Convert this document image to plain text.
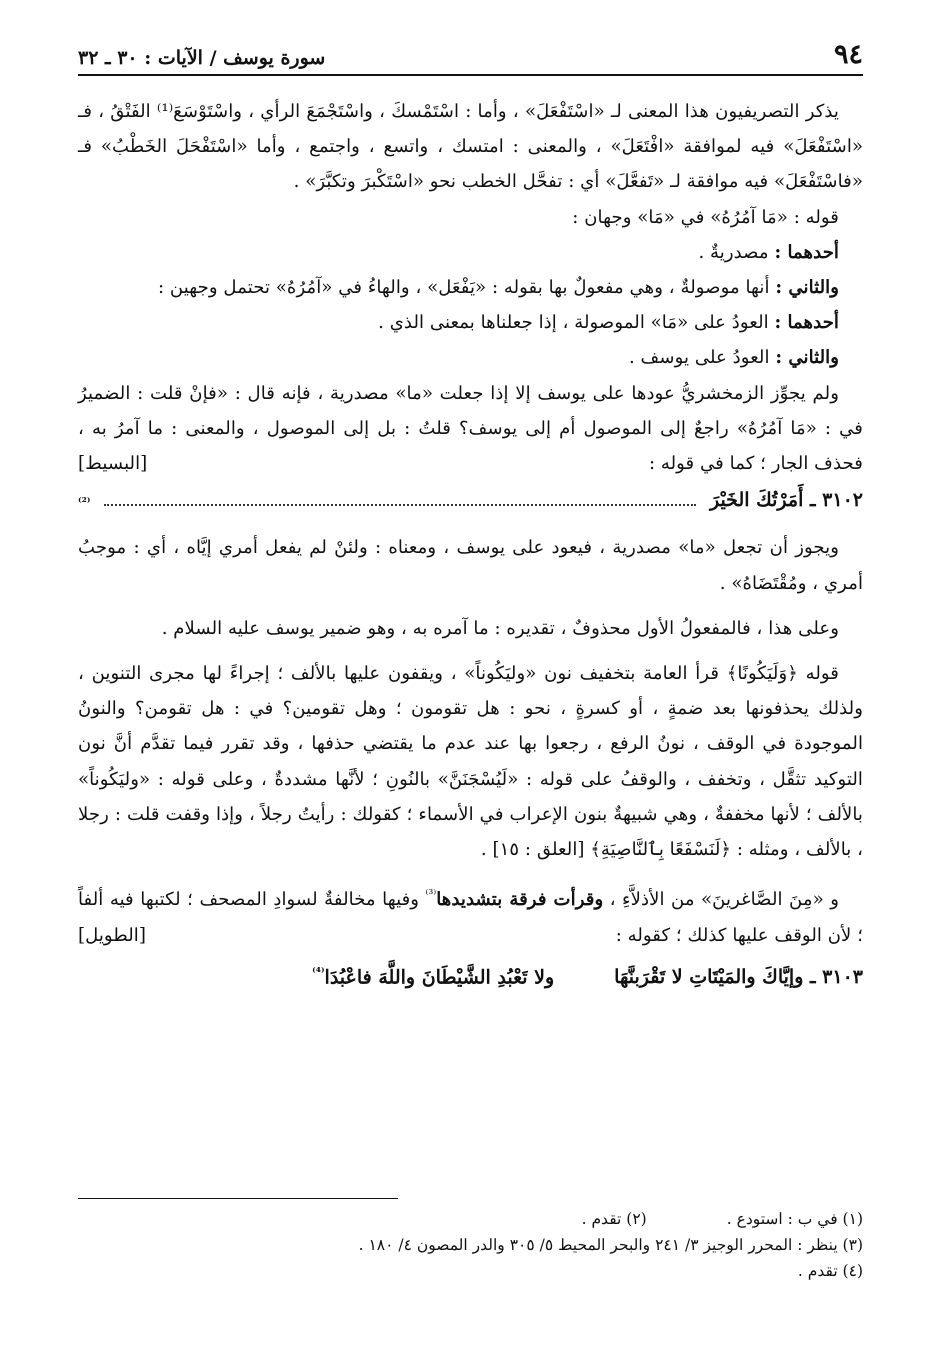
٩٤
سورة يوسف / الآيات : ٣٠ ـ ٣٢

يذكر التصريفيون هذا المعنى لـ «اسْتَفْعَلَ» ، وأما : اسْتَمْسكَ ، واسْتَجْمَعَ الرأي ، واسْتَوْسَعَ⁽¹⁾ الفَتْقُ ، فـ «اسْتَفْعَلَ» فيه لموافقة «افْتَعَلَ» ، والمعنى : امتسك ، واتسع ، واجتمع ، وأما «اسْتَفْحَلَ الخَطْبُ» فـ «فاسْتَفْعَلَ» فيه موافقة لـ «تَفعَّلَ» أي : تفحَّل الخطب نحو «اسْتَكْبرَ وتكبَّرَ» .

قوله : «مَا آمُرُهُ» في «مَا» وجهان :

أحدهما : مصدريةٌ .

والثاني : أنها موصولةٌ ، وهي مفعولٌ بها بقوله : «يَفْعَل» ، والهاءُ في «آمُرُهُ» تحتمل وجهين :

أحدهما : العودُ على «مَا» الموصولة ، إذا جعلناها بمعنى الذي .

والثاني : العودُ على يوسف .

ولم يجوِّز الزمخشريُّ عودها على يوسف إلا إذا جعلت «ما» مصدرية ، فإنه قال : «فإنْ قلت : الضميرُ في : «مَا آمُرُهُ» راجعٌ إلى الموصول أم إلى يوسف؟ قلتُ : بل إلى الموصول ، والمعنى : ما آمرُ به ، فحذف الجار ؛ كما في قوله :
[البسيط]

٣١٠٢ ـ أَمَرْتُكَ الخَيْرَ
⁽²⁾

ويجوز أن تجعل «ما» مصدرية ، فيعود على يوسف ، ومعناه : ولئنْ لم يفعل أمري إيَّاه ، أي : موجبُ أمري ، ومُقْتَضَاهُ» .

وعلى هذا ، فالمفعولُ الأول محذوفٌ ، تقديره : ما آمره به ، وهو ضمير يوسف عليه السلام .

قوله ﴿وَلَيَكُونًا﴾ قرأ العامة بتخفيف نون «وليَكُوناً» ، ويقفون عليها بالألف ؛ إجراءً لها مجرى التنوين ، ولذلك يحذفونها بعد ضمةٍ ، أو كسرةٍ ، نحو : هل تقومون ؛ وهل تقومين؟ في : هل تقومن؟ والنونُ الموجودة في الوقف ، نونُ الرفع ، رجعوا بها عند عدم ما يقتضي حذفها ، وقد تقرر فيما تقدَّم أنَّ نون التوكيد تثقَّل ، وتخفف ، والوقفُ على قوله : «لَيُسْجَنَنَّ» بالنُونِ ؛ لأنَّها مشددةٌ ، وعلى قوله : «وليَكُوناً» بالألف ؛ لأنها مخففةٌ ، وهي شبيهةٌ بنون الإعراب في الأسماء ؛ كقولك : رأيتُ رجلاً ، وإذا وقفت قلت : رجلا ، بالألف ، ومثله : ﴿لَنَسْفَعًا بِٱلنَّاصِيَةِ﴾ [العلق : ١٥] .

و «مِنَ الصَّاغرينَ» من الأذلاَّءِ ، وقرأت فرقة بتشديدها$^{^{(3)}}$ وفيها مخالفةٌ لسوادِ المصحف ؛ لكتبها فيه ألفاً ؛ لأن الوقف عليها كذلك ؛ كقوله :
[الطويل]

٣١٠٣ ـ وإيَّاكَ والمَيْتَاتِ لا تَقْرَبنَّهَا
ولا تَعْبُدِ الشَّيْطَانَ واللَّهَ فاعْبُدَا$^{^{(4)}}$
(١) في ب : استودع .
(٢) تقدم .
(٣) ينظر : المحرر الوجيز ٣/ ٢٤١ والبحر المحيط ٥/ ٣٠٥ والدر المصون ٤/ ١٨٠ .
(٤) تقدم .
